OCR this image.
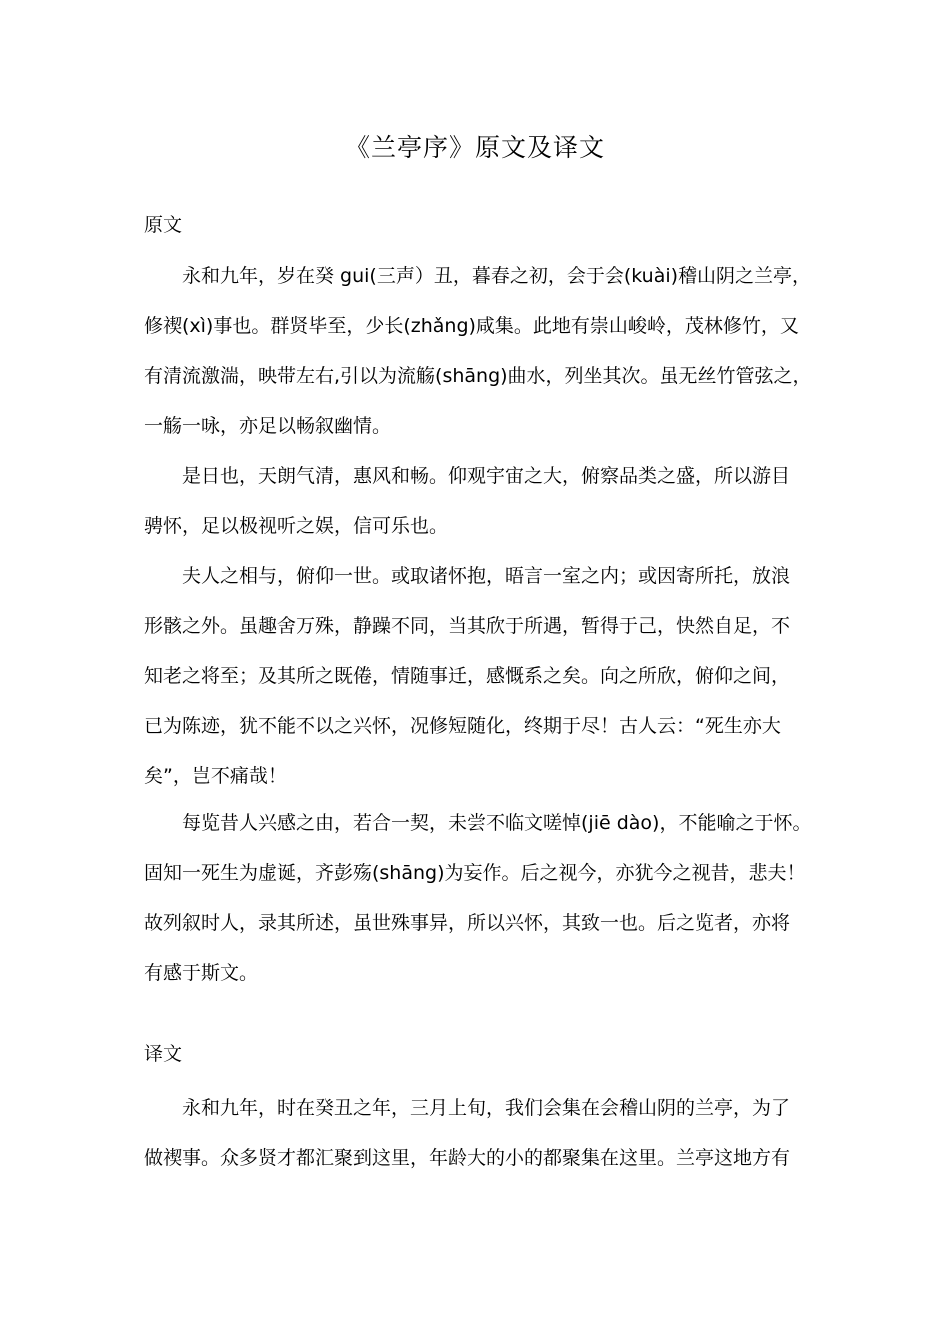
《兰亭序》原文及译文
原文
永和九年，岁在癸 gui(三声）丑，暮春之初，会于会(kuài)稽山阴之兰亭，
修禊(xì)事也。群贤毕至，少长(zhǎng)咸集。此地有崇山峻岭，茂林修竹，又
有清流激湍，映带左右,引以为流觞(shāng)曲水，列坐其次。虽无丝竹管弦之，
一觞一咏，亦足以畅叙幽情。
是日也，天朗气清，惠风和畅。仰观宇宙之大，俯察品类之盛，所以游目
骋怀，足以极视听之娱，信可乐也。
夫人之相与，俯仰一世。或取诸怀抱，晤言一室之内；或因寄所托，放浪
形骸之外。虽趣舍万殊，静躁不同，当其欣于所遇，暂得于己，快然自足，不
知老之将至；及其所之既倦，情随事迁，感慨系之矣。向之所欣，俯仰之间，
已为陈迹，犹不能不以之兴怀，况修短随化，终期于尽！古人云：“死生亦大
矣”，岂不痛哉！
每览昔人兴感之由，若合一契，未尝不临文嗟悼(jiē dào)，不能喻之于怀。
固知一死生为虚诞，齐彭殇(shāng)为妄作。后之视今，亦犹今之视昔，悲夫！
故列叙时人，录其所述，虽世殊事异，所以兴怀，其致一也。后之览者，亦将
有感于斯文。
译文
永和九年，时在癸丑之年，三月上旬，我们会集在会稽山阴的兰亭，为了
做禊事。众多贤才都汇聚到这里，年龄大的小的都聚集在这里。兰亭这地方有
